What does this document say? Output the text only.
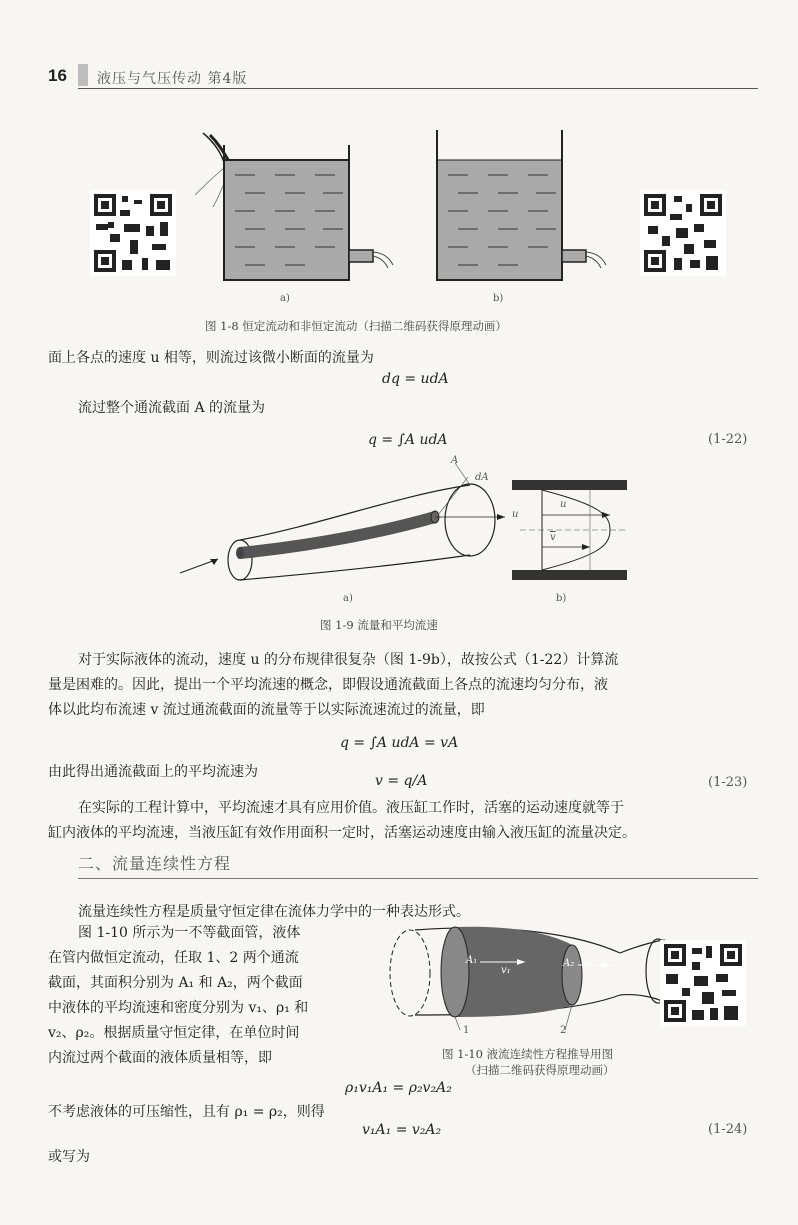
16 液压与气压传动 第4版
a)	b)
图 1-8 恒定流动和非恒定流动（扫描二维码获得原理动画）
面上各点的速度 u 相等，则流过该微小断面的流量为
dq = udA
流过整个通流截面 A 的流量为
q = ∫A udA	(1-22)
A
dA
u
u
$\overline{v}$
a)	b)
图 1-9 流量和平均流速
对于实际液体的流动，速度 u 的分布规律很复杂（图 1-9b），故按公式（1-22）计算流
量是困难的。因此，提出一个平均流速的概念，即假设通流截面上各点的流速均匀分布，液
体以此均布流速 v 流过通流截面的流量等于以实际流速流过的流量，即
q = ∫A udA = vA
由此得出通流截面上的平均流速为
v = q/A	(1-23)
在实际的工程计算中，平均流速才具有应用价值。液压缸工作时，活塞的运动速度就等于
缸内液体的平均流速，当液压缸有效作用面积一定时，活塞运动速度由输入液压缸的流量决定。
二、流量连续性方程
流量连续性方程是质量守恒定律在流体力学中的一种表达形式。
图 1-10 所示为一不等截面管，液体
在管内做恒定流动，任取 1、2 两个通流
截面，其面积分别为 A₁ 和 A₂，两个截面
中液体的平均流速和密度分别为 v₁、ρ₁ 和
v₂、ρ₂。根据质量守恒定律，在单位时间
内流过两个截面的液体质量相等，即
A₁
v₁
A₂ v₂
1	2
图 1-10 液流连续性方程推导用图
（扫描二维码获得原理动画）
ρ₁v₁A₁ = ρ₂v₂A₂
不考虑液体的可压缩性，且有 ρ₁ = ρ₂，则得
v₁A₁ = v₂A₂	(1-24)
或写为
